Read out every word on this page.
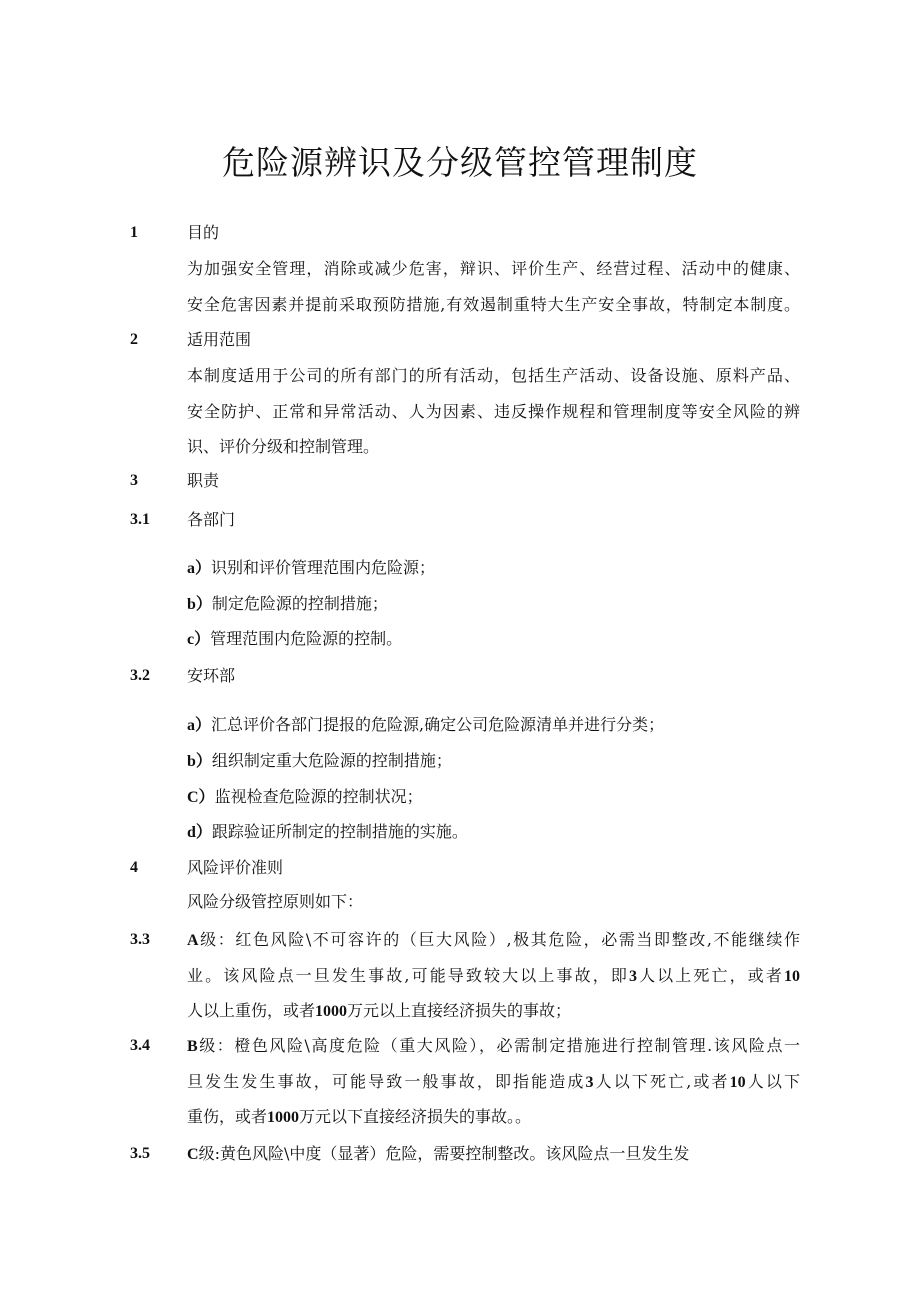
危险源辨识及分级管控管理制度
1	目的
为加强安全管理，消除或减少危害，辩识、评价生产、经营过程、活动中的健康、
安全危害因素并提前采取预防措施,有效遏制重特大生产安全事故，特制定本制度。
2	适用范围
本制度适用于公司的所有部门的所有活动，包括生产活动、设备设施、原料产品、
安全防护、正常和异常活动、人为因素、违反操作规程和管理制度等安全风险的辨
识、评价分级和控制管理。
3	职责
3.1 各部门
a）识别和评价管理范围内危险源；
b）制定危险源的控制措施；
c）管理范围内危险源的控制。
3.2 安环部
a）汇总评价各部门提报的危险源,确定公司危险源清单并进行分类；
b）组织制定重大危险源的控制措施；
C）监视检查危险源的控制状况；
d）跟踪验证所制定的控制措施的实施。
4	风险评价准则
风险分级管控原则如下：
3.3 A级：红色风险\不可容许的（巨大风险）,极其危险，必需当即整改,不能继续作
业。该风险点一旦发生事故,可能导致较大以上事故，即3人以上死亡，或者10
人以上重伤，或者1000万元以上直接经济损失的事故；
3.4 B级：橙色风险\高度危险（重大风险），必需制定措施进行控制管理.该风险点一
旦发生发生事故，可能导致一般事故，即指能造成3人以下死亡,或者10人以下
重伤，或者1000万元以下直接经济损失的事故。。
3.5 C级:黄色风险\中度（显著）危险，需要控制整改。该风险点一旦发生发
